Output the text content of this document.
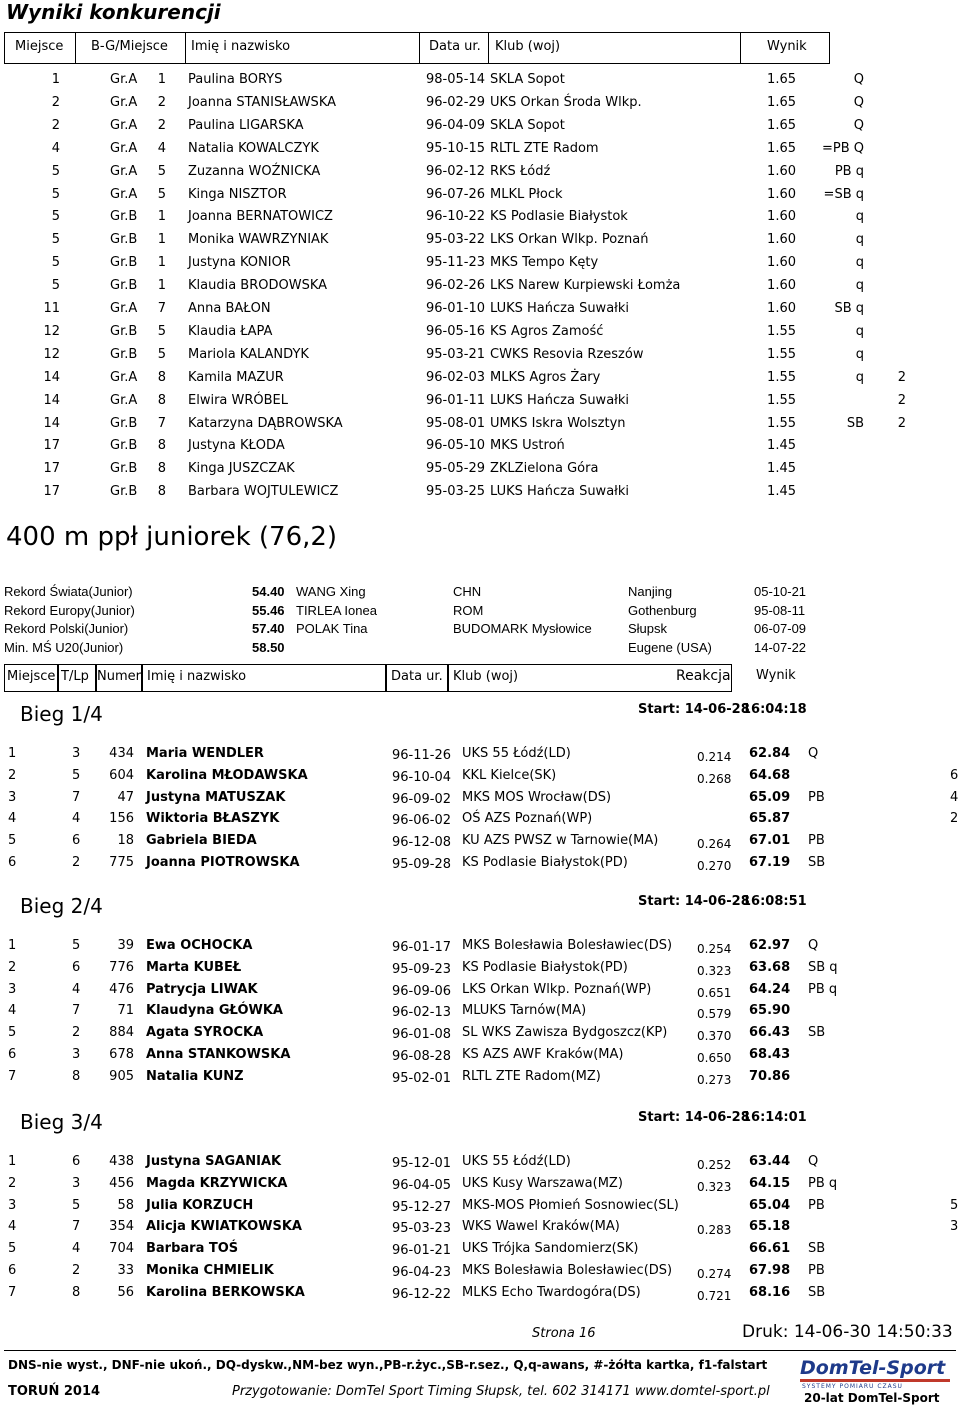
Wyniki konkurencji
Miejsce B-G/Miejsce Imię i nazwisko	Data ur. Klub (woj)	Wynik
1	Gr.A 1 Paulina BORYS	98-05-14 SKLA Sopot	1.65	Q
2	Gr.A 2 Joanna STANISŁAWSKA	96-02-29 UKS Orkan Środa Wlkp.	1.65	Q
2	Gr.A 2 Paulina LIGARSKA	96-04-09 SKLA Sopot	1.65	Q
4	Gr.A 4 Natalia KOWALCZYK	95-10-15 RLTL ZTE Radom	1.65 =PB Q
5	Gr.A 5 Zuzanna WOŹNICKA	96-02-12 RKS Łódź	1.60	PB q
5	Gr.A 5 Kinga NISZTOR	96-07-26 MLKL Płock	1.60 =SB q
5	Gr.B 1 Joanna BERNATOWICZ	96-10-22 KS Podlasie Białystok	1.60	q
5	Gr.B 1 Monika WAWRZYNIAK	95-03-22 LKS Orkan Wlkp. Poznań	1.60	q
5	Gr.B 1 Justyna KONIOR	95-11-23 MKS Tempo Kęty	1.60	q
5	Gr.B 1 Klaudia BRODOWSKA	96-02-26 LKS Narew Kurpiewski Łomża	1.60	q
11	Gr.A 7 Anna BAŁON	96-01-10 LUKS Hańcza Suwałki	1.60	SB q
12	Gr.B 5 Klaudia ŁAPA	96-05-16 KS Agros Zamość	1.55	q
12	Gr.B 5 Mariola KALANDYK	95-03-21 CWKS Resovia Rzeszów	1.55	q
14	Gr.A 8 Kamila MAZUR	96-02-03 MLKS Agros Żary	1.55	q	2
14	Gr.A 8 Elwira WRÓBEL	96-01-11 LUKS Hańcza Suwałki	1.55	2
14	Gr.B 7 Katarzyna DĄBROWSKA	95-08-01 UMKS Iskra Wolsztyn	1.55	SB	2
17	Gr.B 8 Justyna KŁODA	96-05-10 MKS Ustroń	1.45
17	Gr.B 8 Kinga JUSZCZAK	95-05-29 ZKLZielona Góra	1.45
17	Gr.B 8 Barbara WOJTULEWICZ	95-03-25 LUKS Hańcza Suwałki	1.45
400 m ppł juniorek (76,2)
Rekord Świata(Junior)	54.40 WANG Xing	CHN	Nanjing	05-10-21
Rekord Europy(Junior)	55.46 TIRLEA Ionea	ROM	Gothenburg	95-08-11
Rekord Polski(Junior)	57.40 POLAK Tina	BUDOMARK Mysłowice	Słupsk	06-07-09
Min. MŚ U20(Junior)	58.50	Eugene (USA)	14-07-22
Miejsce T/Lp Numer Imię i nazwisko	Data ur. Klub (woj)	Reakcja Wynik
Bieg 1/4	Start: 14-06-28
16:04:18
1	3 434 Maria WENDLER	96-11-26 UKS 55 Łódź(LD)	0.214 62.84 Q
2	5 604 Karolina MŁODAWSKA	96-10-04 KKL Kielce(SK)	0.268 64.68	6
3	7	47 Justyna MATUSZAK	96-09-02 MKS MOS Wrocław(DS)	65.09 PB	4
4	4 156 Wiktoria BŁASZYK	96-06-02 OŚ AZS Poznań(WP)	65.87	2
5	6	18 Gabriela BIEDA	96-12-08 KU AZS PWSZ w Tarnowie(MA)	0.264 67.01 PB
6	2 775 Joanna PIOTROWSKA	95-09-28 KS Podlasie Białystok(PD)	0.270 67.19 SB
Bieg 2/4	Start: 14-06-28
16:08:51
1	5	39 Ewa OCHOCKA	96-01-17 MKS Bolesławia Bolesławiec(DS) 0.254 62.97 Q
2	6 776 Marta KUBEŁ	95-09-23 KS Podlasie Białystok(PD)	0.323 63.68 SB q
3	4 476 Patrycja LIWAK	96-09-06 LKS Orkan Wlkp. Poznań(WP)	0.651 64.24 PB q
4	7	71 Klaudyna GŁÓWKA	96-02-13 MLUKS Tarnów(MA)	0.579 65.90
5	2 884 Agata SYROCKA	96-01-08 SL WKS Zawisza Bydgoszcz(KP) 0.370 66.43 SB
6	3 678 Anna STANKOWSKA	96-08-28 KS AZS AWF Kraków(MA)	0.650 68.43
7	8 905 Natalia KUNZ	95-02-01 RLTL ZTE Radom(MZ)	0.273 70.86
Bieg 3/4	Start: 14-06-28
16:14:01
1	6 438 Justyna SAGANIAK	95-12-01 UKS 55 Łódź(LD)	0.252 63.44 Q
2	3 456 Magda KRZYWICKA	96-04-05 UKS Kusy Warszawa(MZ)	0.323 64.15 PB q
3	5	58 Julia KORZUCH	95-12-27 MKS-MOS Płomień Sosnowiec(SL)	65.04 PB	5
4	7 354 Alicja KWIATKOWSKA	95-03-23 WKS Wawel Kraków(MA)	0.283 65.18	3
5	4 704 Barbara TOŚ	96-01-21 UKS Trójka Sandomierz(SK)	66.61 SB
6	2	33 Monika CHMIELIK	96-04-23 MKS Bolesławia Bolesławiec(DS) 0.274 67.98 PB
7	8	56 Karolina BERKOWSKA	96-12-22 MLKS Echo Twardogóra(DS)	0.721 68.16 SB
Strona 16	Druk: 14-06-30 14:50:33
DNS-nie wyst., DNF-nie ukoń., DQ-dyskw.,NM-bez wyn.,PB-r.życ.,SB-r.sez., Q,q-awans, #-żółta kartka, f1-falstart
TORUŃ 2014	Przygotowanie: DomTel Sport Timing Słupsk, tel. 602 314171 www.domtel-sport.pl
DomTel-Sport
SYSTEMY POMIARU CZASU
20-lat DomTel-Sport
